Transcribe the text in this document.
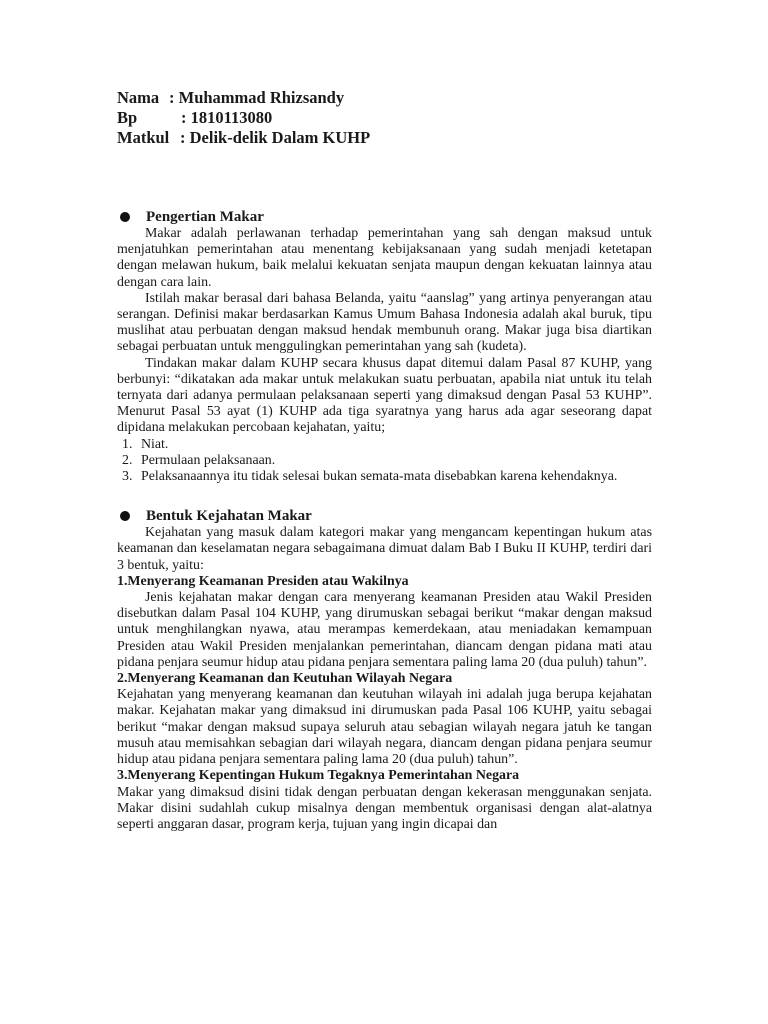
Nama : Muhammad Rhizsandy
Bp	: 1810113080
Matkul : Delik-delik Dalam KUHP
Pengertian Makar

Makar adalah perlawanan terhadap pemerintahan yang sah dengan maksud untuk menjatuhkan pemerintahan atau menentang kebijaksanaan yang sudah menjadi ketetapan dengan melawan hukum, baik melalui kekuatan senjata maupun dengan kekuatan lainnya atau dengan cara lain.

Istilah makar berasal dari bahasa Belanda, yaitu “aanslag” yang artinya penyerangan atau serangan. Definisi makar berdasarkan Kamus Umum Bahasa Indonesia adalah akal buruk, tipu muslihat atau perbuatan dengan maksud hendak membunuh orang. Makar juga bisa diartikan sebagai perbuatan untuk menggulingkan pemerintahan yang sah (kudeta).

Tindakan makar dalam KUHP secara khusus dapat ditemui dalam Pasal 87 KUHP, yang berbunyi: “dikatakan ada makar untuk melakukan suatu perbuatan, apabila niat untuk itu telah ternyata dari adanya permulaan pelaksanaan seperti yang dimaksud dengan Pasal 53 KUHP”. Menurut Pasal 53 ayat (1) KUHP ada tiga syaratnya yang harus ada agar seseorang dapat dipidana melakukan percobaan kejahatan, yaitu;

1. Niat.
2. Permulaan pelaksanaan.
3. Pelaksanaannya itu tidak selesai bukan semata-mata disebabkan karena kehendaknya.
Bentuk Kejahatan Makar

Kejahatan yang masuk dalam kategori makar yang mengancam kepentingan hukum atas keamanan dan keselamatan negara sebagaimana dimuat dalam Bab I Buku II KUHP, terdiri dari 3 bentuk, yaitu:

1.Menyerang Keamanan Presiden atau Wakilnya

Jenis kejahatan makar dengan cara menyerang keamanan Presiden atau Wakil Presiden disebutkan dalam Pasal 104 KUHP, yang dirumuskan sebagai berikut “makar dengan maksud untuk menghilangkan nyawa, atau merampas kemerdekaan, atau meniadakan kemampuan Presiden atau Wakil Presiden menjalankan pemerintahan, diancam dengan pidana mati atau pidana penjara seumur hidup atau pidana penjara sementara paling lama 20 (dua puluh) tahun”.

2.Menyerang Keamanan dan Keutuhan Wilayah Negara

Kejahatan yang menyerang keamanan dan keutuhan wilayah ini adalah juga berupa kejahatan makar. Kejahatan makar yang dimaksud ini dirumuskan pada Pasal 106 KUHP, yaitu sebagai berikut “makar dengan maksud supaya seluruh atau sebagian wilayah negara jatuh ke tangan musuh atau memisahkan sebagian dari wilayah negara, diancam dengan pidana penjara seumur hidup atau pidana penjara sementara paling lama 20 (dua puluh) tahun”.

3.Menyerang Kepentingan Hukum Tegaknya Pemerintahan Negara

Makar yang dimaksud disini tidak dengan perbuatan dengan kekerasan menggunakan senjata. Makar disini sudahlah cukup misalnya dengan membentuk organisasi dengan alat-alatnya seperti anggaran dasar, program kerja, tujuan yang ingin dicapai dan
